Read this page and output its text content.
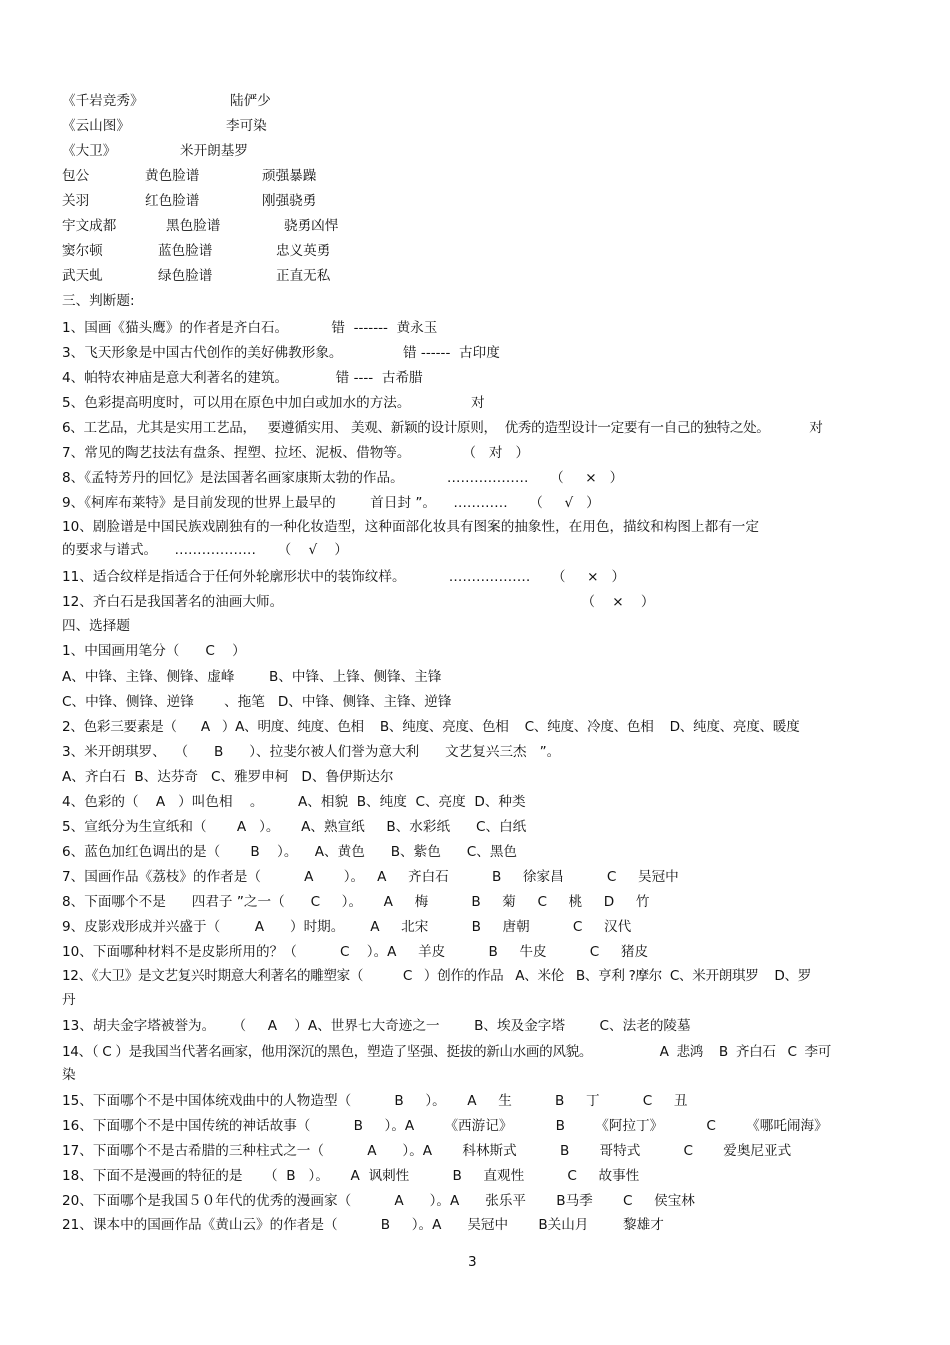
《千岩竞秀》	陆俨少
《云山图》	李可染
《大卫》	米开朗基罗
包公	黄色脸谱	顽强暴躁
关羽	红色脸谱	刚强骁勇
宇文成都	黑色脸谱	骁勇凶悍
窦尔顿	蓝色脸谱	忠义英勇
武天虬	绿色脸谱	正直无私
三、判断题:
1、国画《猫头鹰》的作者是齐白石。          错  -------  黄永玉
3、飞天形象是中国古代创作的美好佛教形象。              错 ------  古印度
4、帕特农神庙是意大利著名的建筑。           错 ----  古希腊
5、色彩提高明度时，可以用在原色中加白或加水的方法。              对
6、工艺品，尤其是实用工艺品，   要遵循实用、 美观、新颖的设计原则，  优秀的造型设计一定要有一自己的独特之处。          对
7、常见的陶艺技法有盘条、捏塑、拉坯、泥板、借物等。            （   对   ）
8、《孟特芳丹的回忆》是法国著名画家康斯太勃的作品。          ………………     （     ×   ）
9、《柯库布莱特》是目前发现的世界上最早的        首日封 ”。    …………     （     √   ）
10、剧脸谱是中国民族戏剧独有的一种化妆造型，这种面部化妆具有图案的抽象性，在用色，描纹和构图上都有一定
的要求与谱式。    ………………     （    √    ）
11、适合纹样是指适合于任何外轮廓形状中的装饰纹样。          ………………     （     ×   ）
12、齐白石是我国著名的油画大师。                                                                     （    ×    ）
四、选择题
1、中国画用笔分（      C    ）
A、中锋、主锋、侧锋、虚峰        B、中锋、上锋、侧锋、主锋
C、中锋、侧锋、逆锋       、拖笔   D、中锋、侧锋、主锋、逆锋
2、色彩三要素是（      A   ）A、明度、纯度、色相    B、纯度、亮度、色相    C、纯度、冷度、色相    D、纯度、亮度、暖度
3、米开朗琪罗、  （      B      ）、拉斐尔被人们誉为意大利      文艺复兴三杰   ”。
A、齐白石  B、达芬奇   C、雅罗申柯   D、鲁伊斯达尔
4、色彩的（    A   ）叫色相    。        A、相貌  B、纯度  C、亮度  D、种类
5、宣纸分为生宣纸和（       A   ）。     A、熟宣纸     B、水彩纸      C、白纸
6、蓝色加红色调出的是（       B    ）。    A、黄色      B、紫色      C、黑色
7、国画作品《荔枝》的作者是（          A       ）。   A     齐白石          B     徐家昌          C     吴冠中
8、下面哪个不是      四君子 ”之一（      C     ）。     A     梅          B     菊     C     桃     D     竹
9、皮影戏形成并兴盛于（        A      ）时期。      A     北宋          B     唐朝          C     汉代
10、下面哪种材料不是皮影所用的？（          C    ）。A     羊皮          B     牛皮          C     猪皮
12、《大卫》是文艺复兴时期意大利著名的雕塑家（          C   ）创作的作品   A、米伦   B、亨利 ?摩尔  C、米开朗琪罗    D、罗
丹
13、胡夫金字塔被誉为。    （     A    ）A、世界七大奇迹之一        B、埃及金字塔        C、法老的陵墓
14、（ C ）是我国当代著名画家，他用深沉的黑色，塑造了坚强、挺拔的新山水画的风貌。                 A  悲鸿    B  齐白石   C  李可
染
15、下面哪个不是中国体统戏曲中的人物造型（          B     ）。     A     生          B     丁          C     丑
16、下面哪个不是中国传统的神话故事（          B     ）。A       《西游记》          B       《阿拉丁》          C       《哪吒闹海》
17、下面哪个不是古希腊的三种柱式之一（          A      ）。A       科林斯式          B       哥特式          C       爱奥尼亚式
18、下面不是漫画的特征的是     （  B   ）。     A  讽刺性          B     直观性          C     故事性
20、下面哪个是我国５０年代的优秀的漫画家（          A      ）。A      张乐平       B马季       C     侯宝林
21、课本中的国画作品《黄山云》的作者是（          B     ）。A      吴冠中       B关山月        黎雄才
3
